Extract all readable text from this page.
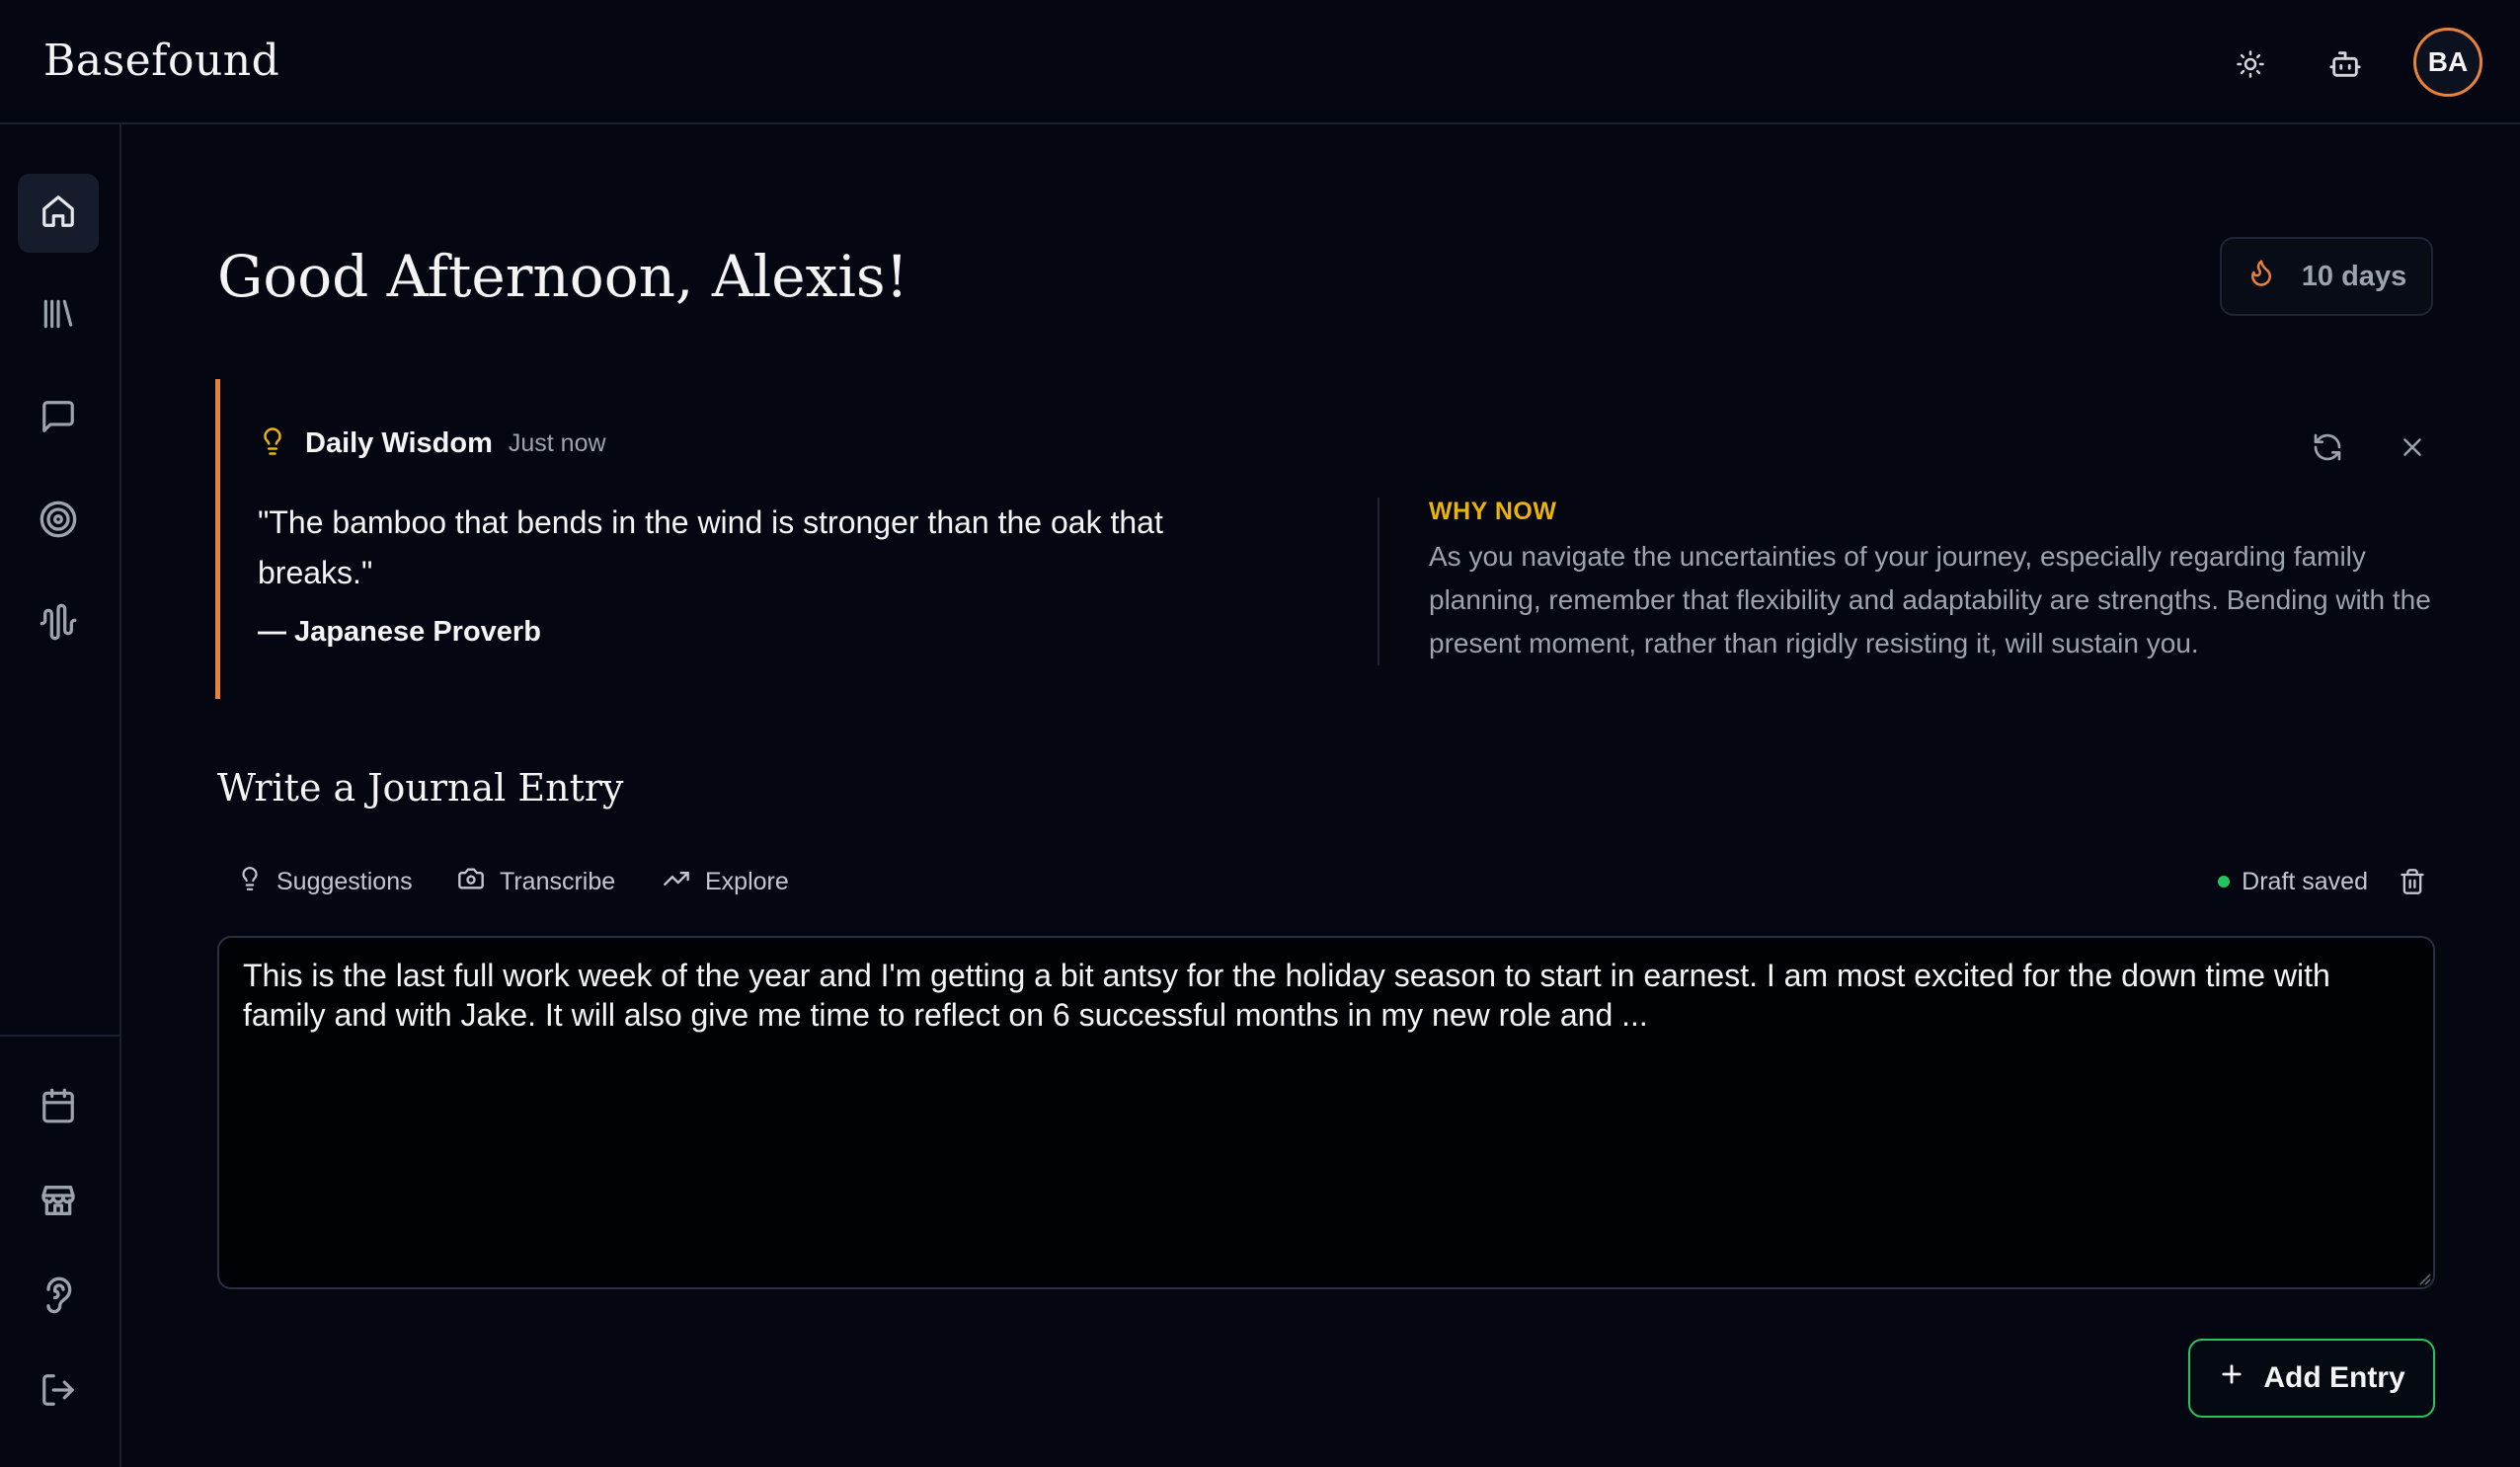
Basefound	BA
Good Afternoon, Alexis!	10 days
Daily Wisdom Just now
"The bamboo that bends in the wind is stronger than the oak that breaks."
— Japanese Proverb
WHY NOW
As you navigate the uncertainties of your journey, especially regarding family planning, remember that flexibility and adaptability are strengths. Bending with the present moment, rather than rigidly resisting it, will sustain you.
Write a Journal Entry
Suggestions	Transcribe	Explore	Draft saved
This is the last full work week of the year and I'm getting a bit antsy for the holiday season to start in earnest. I am most excited for the down time with family and with Jake. It will also give me time to reflect on 6 successful months in my new role and ...
Add Entry
